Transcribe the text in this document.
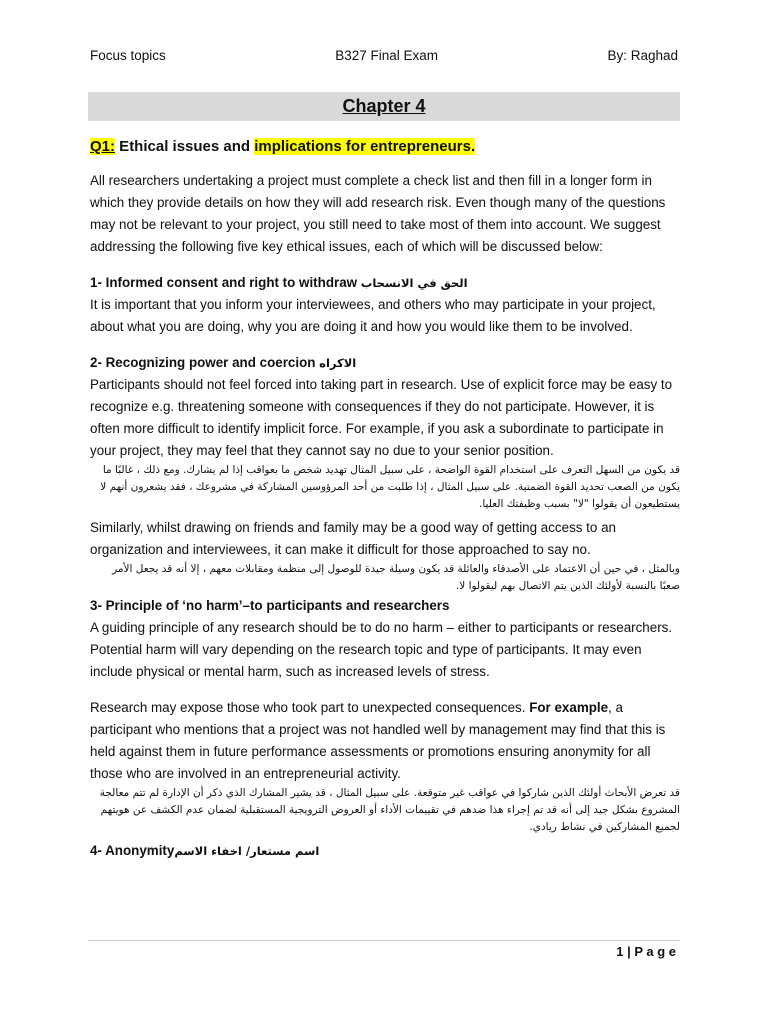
Focus topics	B327 Final Exam	By: Raghad
Chapter 4
Q1: Ethical issues and implications for entrepreneurs.

All researchers undertaking a project must complete a check list and then fill in a longer form in which they provide details on how they will add research risk. Even though many of the questions may not be relevant to your project, you still need to take most of them into account. We suggest addressing the following five key ethical issues, each of which will be discussed below:

1- Informed consent and right to withdraw الحق في الانسحاب

It is important that you inform your interviewees, and others who may participate in your project, about what you are doing, why you are doing it and how you would like them to be involved.

2- Recognizing power and coercion الاكراه

Participants should not feel forced into taking part in research. Use of explicit force may be easy to recognize e.g. threatening someone with consequences if they do not participate. However, it is often more difficult to identify implicit force. For example, if you ask a subordinate to participate in your project, they may feel that they cannot say no due to your senior position.

قد يكون من السهل التعرف على استخدام القوة الواضحة ، على سبيل المثال تهديد شخص ما بعواقب إذا لم يشارك. ومع ذلك ، غالبًا ما يكون من الصعب تحديد القوة الضمنية. على سبيل المثال ، إذا طلبت من أحد المرؤوسين المشاركة في مشروعك ، فقد يشعرون أنهم لا يستطيعون أن يقولوا "لا" بسبب وظيفتك العليا.

Similarly, whilst drawing on friends and family may be a good way of getting access to an organization and interviewees, it can make it difficult for those approached to say no.

وبالمثل ، في حين أن الاعتماد على الأصدقاء والعائلة قد يكون وسيلة جيدة للوصول إلى منظمة ومقابلات معهم ، إلا أنه قد يجعل الأمر صعبًا بالنسبة لأولئك الذين يتم الاتصال بهم ليقولوا لا.
3- Principle of ‘no harm’–to participants and researchers

A guiding principle of any research should be to do no harm – either to participants or researchers. Potential harm will vary depending on the research topic and type of participants. It may even include physical or mental harm, such as increased levels of stress.

Research may expose those who took part to unexpected consequences. For example, a participant who mentions that a project was not handled well by management may find that this is held against them in future performance assessments or promotions ensuring anonymity for all those who are involved in an entrepreneurial activity.

قد تعرض الأبحاث أولئك الذين شاركوا في عواقب غير متوقعة. على سبيل المثال ، قد يشير المشارك الذي ذكر أن الإدارة لم تتم معالجة المشروع بشكل جيد إلى أنه قد تم إجراء هذا ضدهم في تقييمات الأداء أو العروض الترويجية المستقبلية لضمان عدم الكشف عن هويتهم لجميع المشاركين في نشاط ريادي.
4- Anonymityاسم مستعار/ اخفاء الاسم
1 | P a g e
